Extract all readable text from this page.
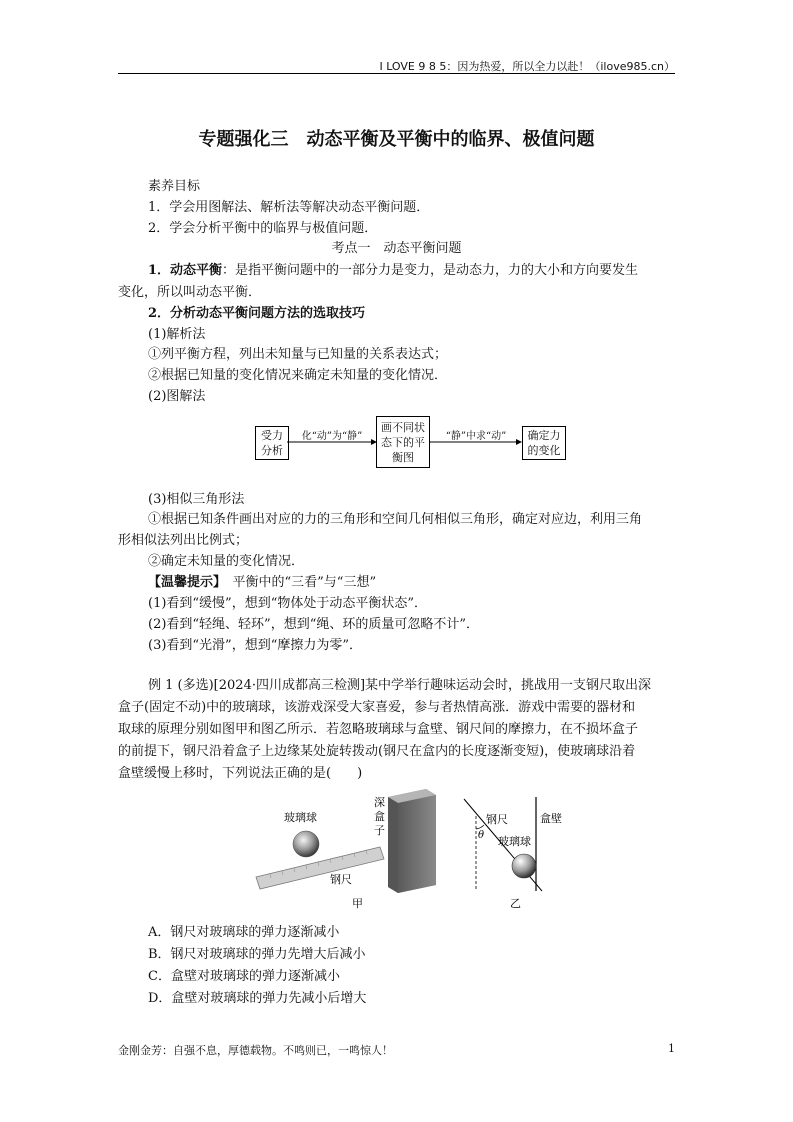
I LOVE 9 8 5：因为热爱，所以全力以赴！（ilove985.cn）
专题强化三　动态平衡及平衡中的临界、极值问题
素养目标
1．学会用图解法、解析法等解决动态平衡问题．
2．学会分析平衡中的临界与极值问题．
考点一　动态平衡问题
1．动态平衡：是指平衡问题中的一部分力是变力，是动态力，力的大小和方向要发生
变化，所以叫动态平衡．
2．分析动态平衡问题方法的选取技巧
(1)解析法
①列平衡方程，列出未知量与已知量的关系表达式；
②根据已知量的变化情况来确定未知量的变化情况．
(2)图解法
受力
分析
化“动”为“静”
画不同状
态下的平
衡图
“静”中求“动”	确定力
的变化
(3)相似三角形法
①根据已知条件画出对应的力的三角形和空间几何相似三角形，确定对应边，利用三角
形相似法列出比例式；
②确定未知量的变化情况．
【温馨提示】　平衡中的“三看”与“三想”
(1)看到“缓慢”，想到“物体处于动态平衡状态”．
(2)看到“轻绳、轻环”，想到“绳、环的质量可忽略不计”．
(3)看到“光滑”，想到“摩擦力为零”．
例 1 (多选)[2024·四川成都高三检测]某中学举行趣味运动会时，挑战用一支钢尺取出深
盒子(固定不动)中的玻璃球，该游戏深受大家喜爱，参与者热情高涨．游戏中需要的器材和
取球的原理分别如图甲和图乙所示．若忽略玻璃球与盒壁、钢尺间的摩擦力，在不损坏盒子
的前提下，钢尺沿着盒子上边缘某处旋转拨动(钢尺在盒内的长度逐渐变短)，使玻璃球沿着
盒壁缓慢上移时，下列说法正确的是(　　)
玻璃球
深
盒
子
钢尺
甲
钢尺
θ 玻璃球
盒壁
乙
A．钢尺对玻璃球的弹力逐渐减小
B．钢尺对玻璃球的弹力先增大后减小
C．盒壁对玻璃球的弹力逐渐减小
D．盒壁对玻璃球的弹力先减小后增大
金刚金芳：自强不息，厚德载物。不鸣则已，一鸣惊人！	1
